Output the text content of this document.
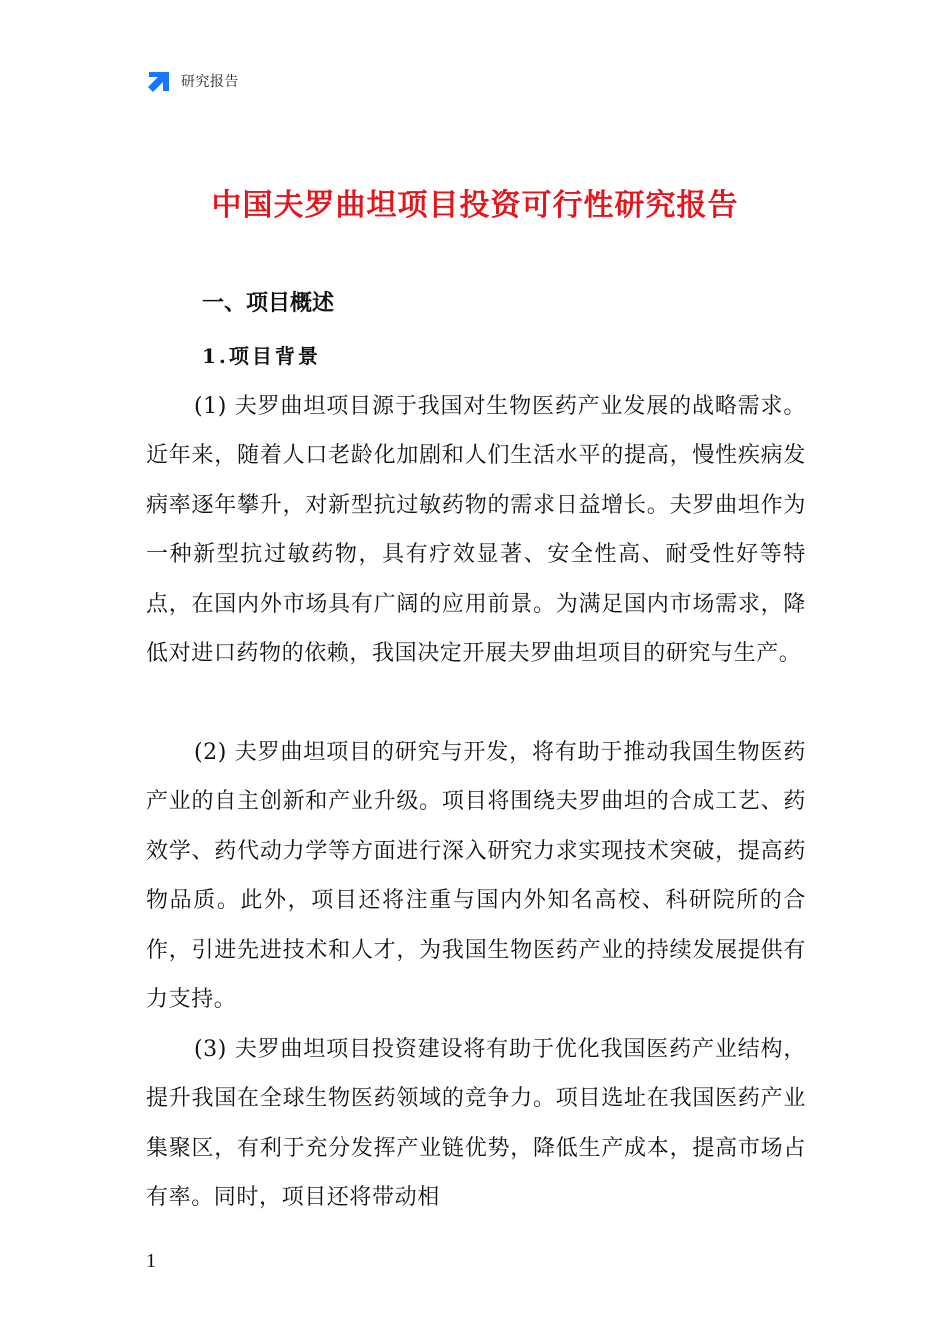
研究报告
中国夫罗曲坦项目投资可行性研究报告
一、项目概述
1.项目背景

(1) 夫罗曲坦项目源于我国对生物医药产业发展的战略需求。近年来，随着人口老龄化加剧和人们生活水平的提高，慢性疾病发病率逐年攀升，对新型抗过敏药物的需求日益增长。夫罗曲坦作为一种新型抗过敏药物，具有疗效显著、安全性高、耐受性好等特点，在国内外市场具有广阔的应用前景。为满足国内市场需求，降低对进口药物的依赖，我国决定开展夫罗曲坦项目的研究与生产。

(2) 夫罗曲坦项目的研究与开发，将有助于推动我国生物医药产业的自主创新和产业升级。项目将围绕夫罗曲坦的合成工艺、药效学、药代动力学等方面进行深入研究力求实现技术突破，提高药物品质。此外，项目还将注重与国内外知名高校、科研院所的合作，引进先进技术和人才，为我国生物医药产业的持续发展提供有力支持。

(3) 夫罗曲坦项目投资建设将有助于优化我国医药产业结构，提升我国在全球生物医药领域的竞争力。项目选址在我国医药产业集聚区，有利于充分发挥产业链优势，降低生产成本，提高市场占有率。同时，项目还将带动相

1
